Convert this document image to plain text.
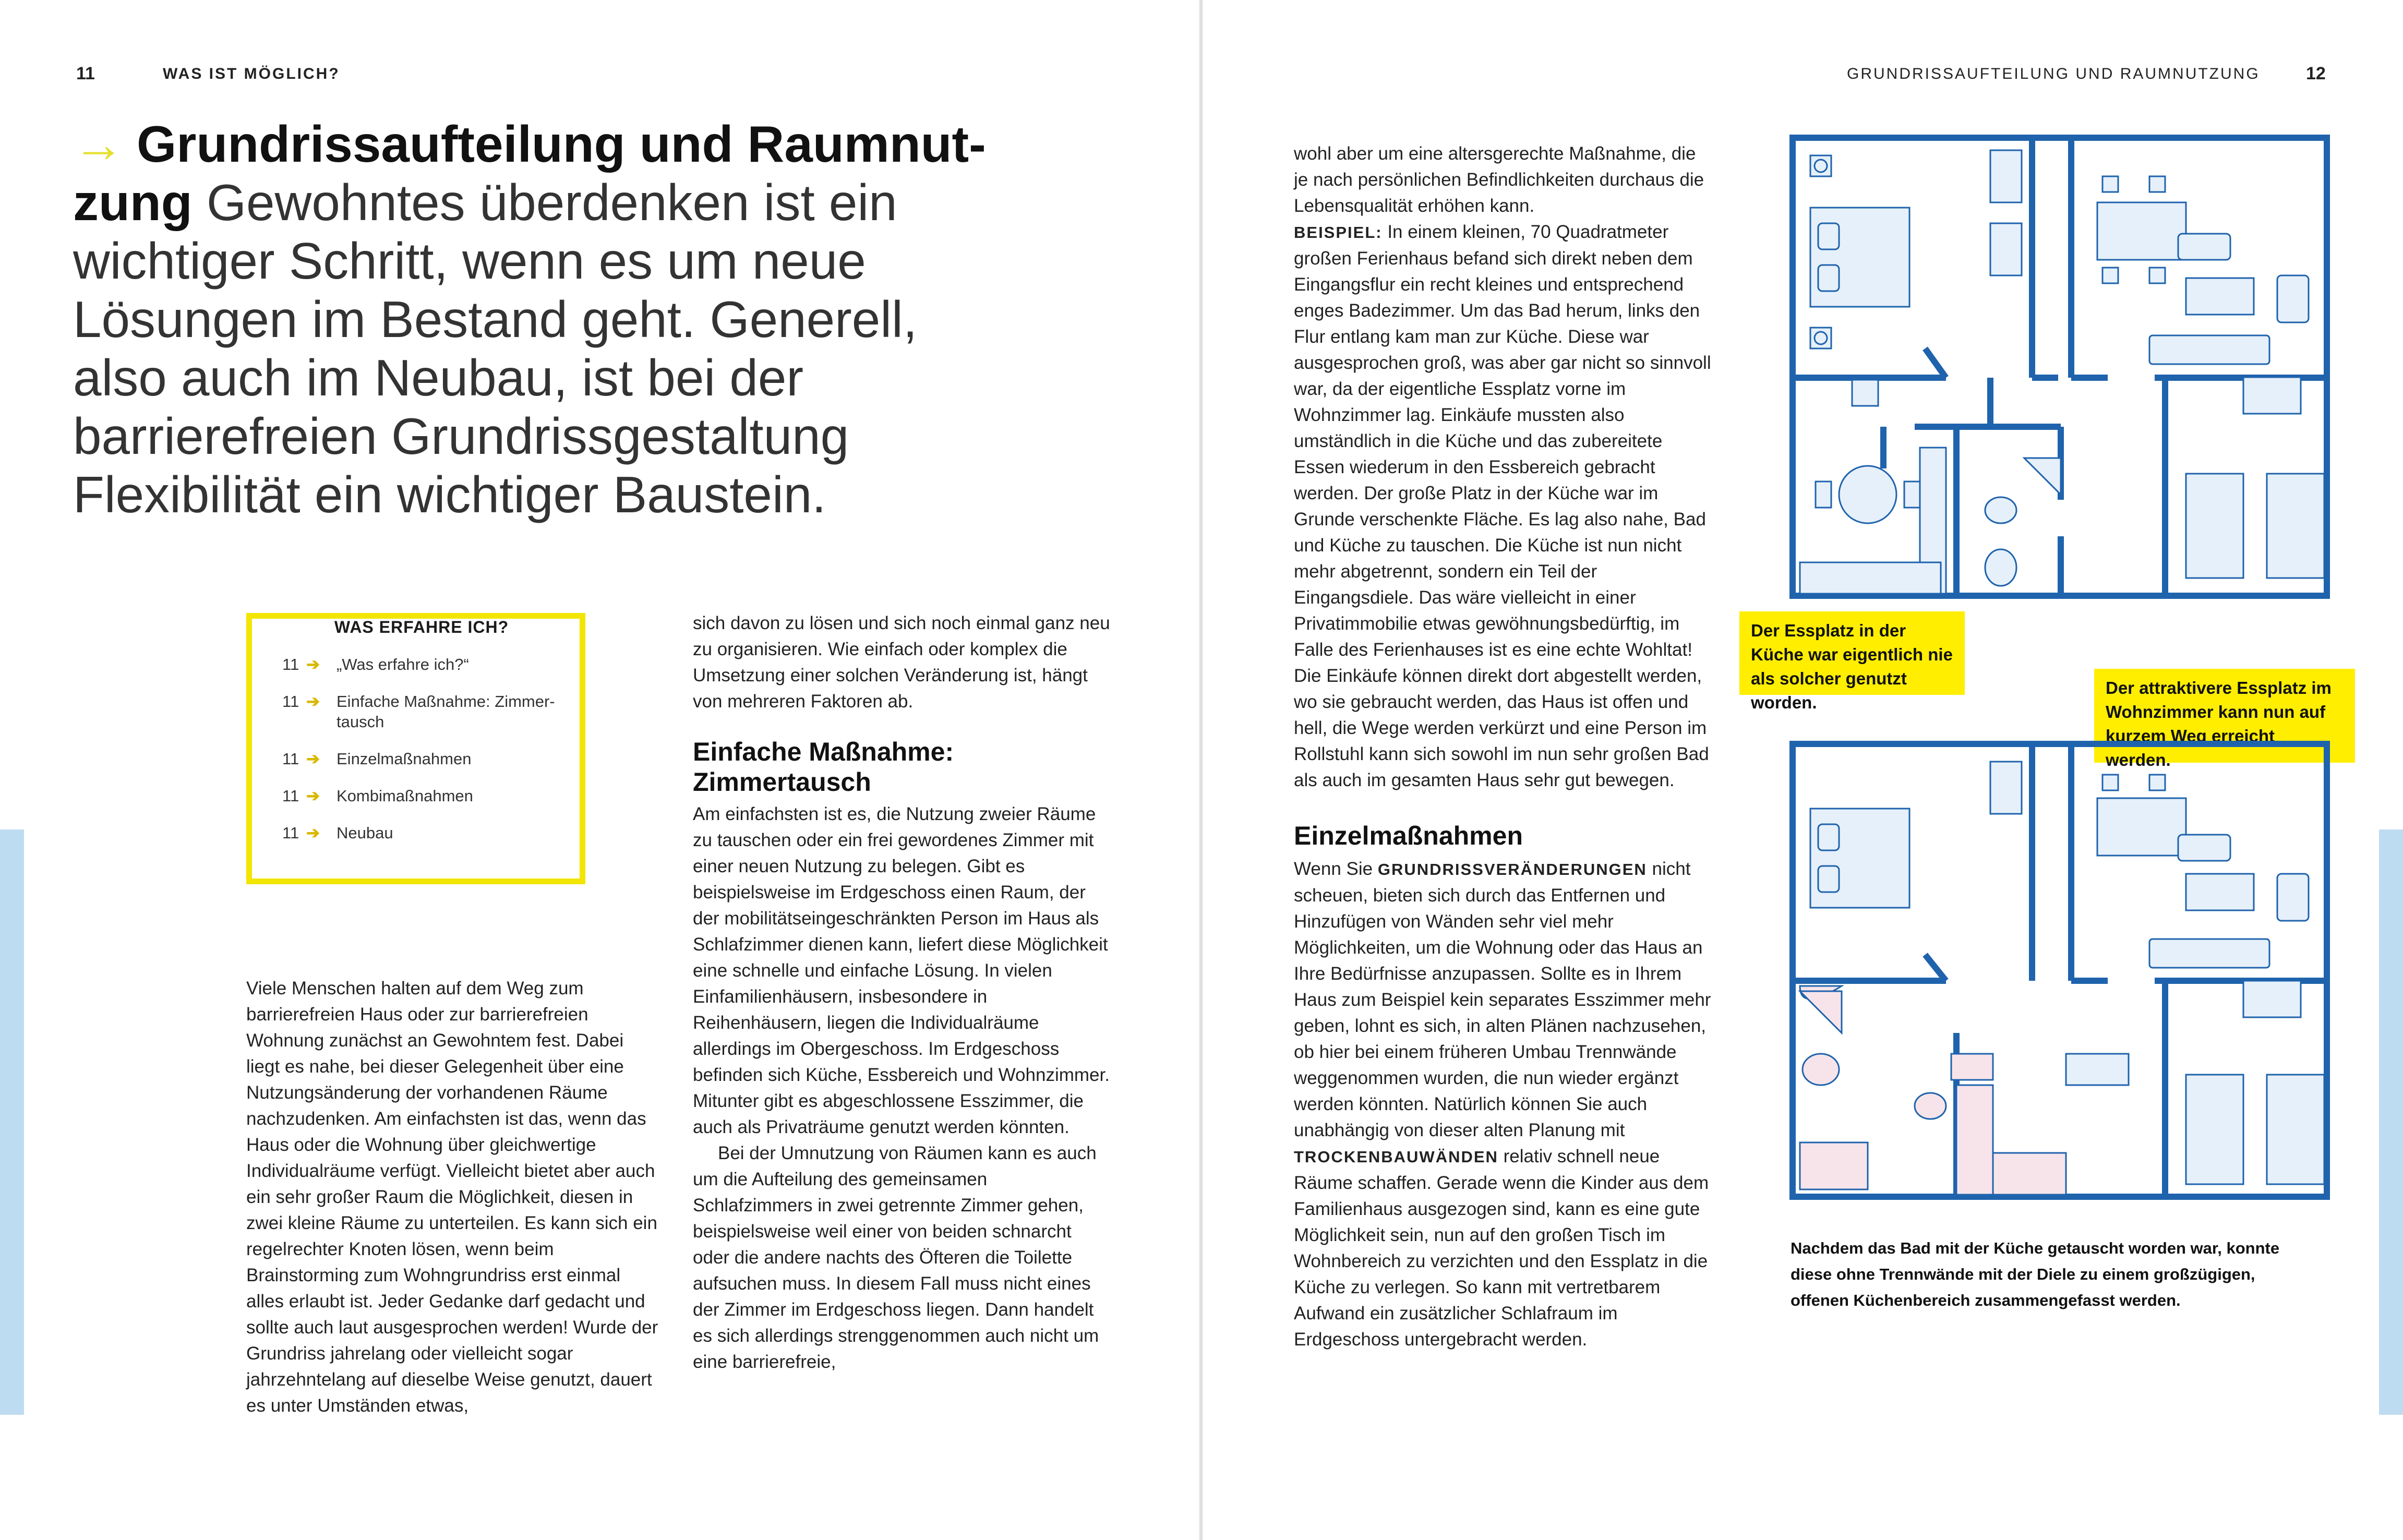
11	WAS IST MÖGLICH?	GRUNDRISSAUFTEILUNG UND RAUMNUTZUNG	12
→ Grundrissaufteilung und Raumnut-zung Gewohntes überdenken ist ein wichtiger Schritt, wenn es um neue Lösungen im Bestand geht. Generell, also auch im Neubau, ist bei der barrierefreien Grundrissgestaltung Flexibilität ein wichtiger Baustein.
WAS ERFAHRE ICH?
11 ➔	„Was erfahre ich?“
11 ➔	Einfache Maßnahme: Zimmer-tausch
11 ➔	Einzelmaßnahmen
11 ➔	Kombimaßnahmen
11 ➔	Neubau

Viele Menschen halten auf dem Weg zum barrierefreien Haus oder zur barrierefreien Wohnung zunächst an Gewohntem fest. Dabei liegt es nahe, bei dieser Gelegenheit über eine Nutzungsänderung der vorhandenen Räume nachzudenken. Am einfachsten ist das, wenn das Haus oder die Wohnung über gleichwertige Individualräume verfügt. Vielleicht bietet aber auch ein sehr großer Raum die Möglichkeit, diesen in zwei kleine Räume zu unterteilen. Es kann sich ein regelrechter Knoten lösen, wenn beim Brainstorming zum Wohngrundriss erst einmal alles erlaubt ist. Jeder Gedanke darf gedacht und sollte auch laut ausgesprochen werden! Wurde der Grundriss jahrelang oder vielleicht sogar jahrzehntelang auf dieselbe Weise genutzt, dauert es unter Umständen etwas,

sich davon zu lösen und sich noch einmal ganz neu zu organisieren. Wie einfach oder komplex die Umsetzung einer solchen Veränderung ist, hängt von mehreren Faktoren ab.

Einfache Maßnahme: Zimmertausch

Am einfachsten ist es, die Nutzung zweier Räume zu tauschen oder ein frei gewordenes Zimmer mit einer neuen Nutzung zu belegen. Gibt es beispielsweise im Erdgeschoss einen Raum, der der mobilitätseingeschränkten Person im Haus als Schlafzimmer dienen kann, liefert diese Möglichkeit eine schnelle und einfache Lösung. In vielen Einfamilienhäusern, insbesondere in Reihenhäusern, liegen die Individualräume allerdings im Obergeschoss. Im Erdgeschoss befinden sich Küche, Essbereich und Wohnzimmer. Mitunter gibt es abgeschlossene Esszimmer, die auch als Privaträume genutzt werden könnten.

Bei der Umnutzung von Räumen kann es auch um die Aufteilung des gemeinsamen Schlafzimmers in zwei getrennte Zimmer gehen, beispielsweise weil einer von beiden schnarcht oder die andere nachts des Öfteren die Toilette aufsuchen muss. In diesem Fall muss nicht eines der Zimmer im Erdgeschoss liegen. Dann handelt es sich allerdings strenggenommen auch nicht um eine barrierefreie,

wohl aber um eine altersgerechte Maßnahme, die je nach persönlichen Befindlichkeiten durchaus die Lebensqualität erhöhen kann.

BEISPIEL: In einem kleinen, 70 Quadratmeter großen Ferienhaus befand sich direkt neben dem Eingangsflur ein recht kleines und entsprechend enges Badezimmer. Um das Bad herum, links den Flur entlang kam man zur Küche. Diese war ausgesprochen groß, was aber gar nicht so sinnvoll war, da der eigentliche Essplatz vorne im Wohnzimmer lag. Einkäufe mussten also umständlich in die Küche und das zubereitete Essen wiederum in den Essbereich gebracht werden. Der große Platz in der Küche war im Grunde verschenkte Fläche. Es lag also nahe, Bad und Küche zu tauschen. Die Küche ist nun nicht mehr abgetrennt, sondern ein Teil der Eingangsdiele. Das wäre vielleicht in einer Privatimmobilie etwas gewöhnungsbedürftig, im Falle des Ferienhauses ist es eine echte Wohltat! Die Einkäufe können direkt dort abgestellt werden, wo sie gebraucht werden, das Haus ist offen und hell, die Wege werden verkürzt und eine Person im Rollstuhl kann sich sowohl im nun sehr großen Bad als auch im gesamten Haus sehr gut bewegen.

Einzelmaßnahmen

Wenn Sie GRUNDRISSVERÄNDERUNGEN nicht scheuen, bieten sich durch das Entfernen und Hinzufügen von Wänden sehr viel mehr Möglichkeiten, um die Wohnung oder das Haus an Ihre Bedürfnisse anzupassen. Sollte es in Ihrem Haus zum Beispiel kein separates Esszimmer mehr geben, lohnt es sich, in alten Plänen nachzusehen, ob hier bei einem früheren Umbau Trennwände weggenommen wurden, die nun wieder ergänzt werden könnten. Natürlich können Sie auch unabhängig von dieser alten Planung mit TROCKENBAUWÄNDEN relativ schnell neue Räume schaffen. Gerade wenn die Kinder aus dem Familienhaus ausgezogen sind, kann es eine gute Möglichkeit sein, nun auf den großen Tisch im Wohnbereich zu verzichten und den Essplatz in die Küche zu verlegen. So kann mit vertretbarem Aufwand ein zusätzlicher Schlafraum im Erdgeschoss untergebracht werden.

Der Essplatz in der Küche war eigentlich nie als solcher genutzt worden.
Der attraktivere Essplatz im Wohnzimmer kann nun auf kurzem Weg erreicht werden.
Nachdem das Bad mit der Küche getauscht worden war, konnte diese ohne Trennwände mit der Diele zu einem großzügigen, offenen Küchenbereich zusammengefasst werden.
